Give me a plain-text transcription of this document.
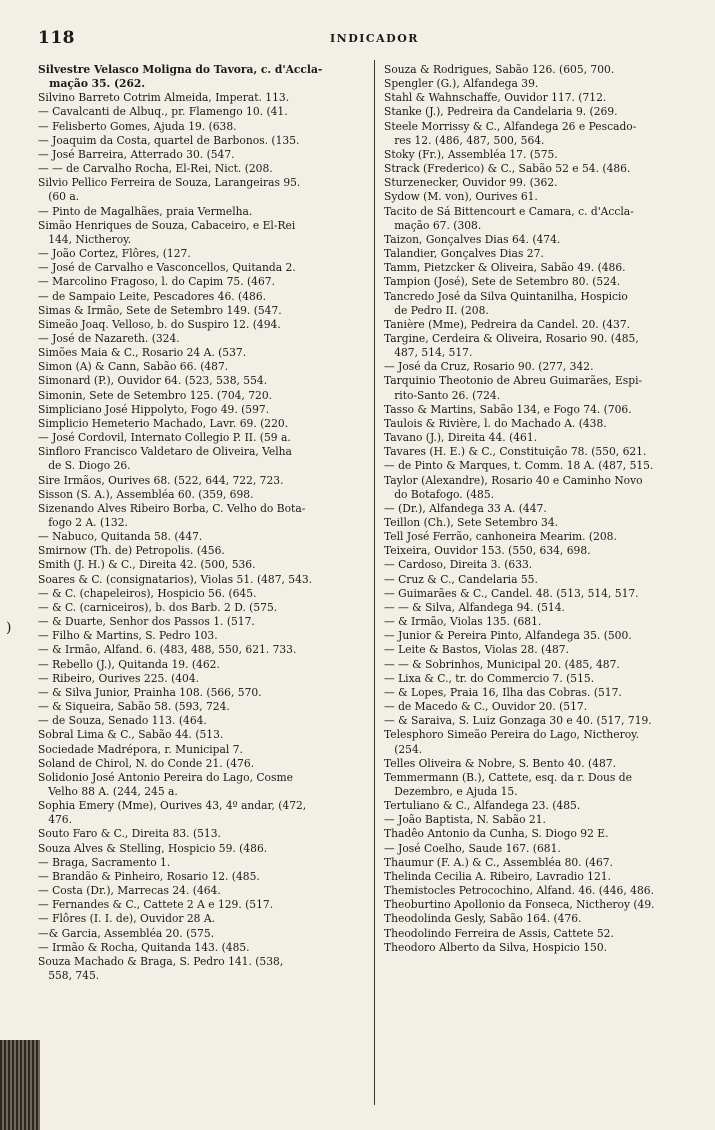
118	INDICADOR
Silvestre Velasco Moligna do Tavora, c. d'Accla-
mação 35. (262.
Silvino Barreto Cotrim Almeida, Imperat. 113.
— Cavalcanti de Albuq., pr. Flamengo 10. (41.
— Felisberto Gomes, Ajuda 19. (638.
— Joaquim da Costa, quartel de Barbonos. (135.
— José Barreira, Atterrado 30. (547.
— — de Carvalho Rocha, El-Rei, Nict. (208.
Silvio Pellico Ferreira de Souza, Larangeiras 95.
(60 a.
— Pinto de Magalhães, praia Vermelha.
Simão Henriques de Souza, Cabaceiro, e El-Rei
144, Nictheroy.
— João Cortez, Flôres, (127.
— José de Carvalho e Vasconcellos, Quitanda 2.
— Marcolino Fragoso, l. do Capim 75. (467.
— de Sampaio Leite, Pescadores 46. (486.
Simas & Irmão, Sete de Setembro 149. (547.
Simeão Joaq. Velloso, b. do Suspiro 12. (494.
— José de Nazareth. (324.
Simões Maia & C., Rosario 24 A. (537.
Simon (A) & Cann, Sabão 66. (487.
Simonard (P.), Ouvidor 64. (523, 538, 554.
Simonin, Sete de Setembro 125. (704, 720.
Simpliciano José Hippolyto, Fogo 49. (597.
Simplicio Hemeterio Machado, Lavr. 69. (220.
— José Cordovil, Internato Collegio P. II. (59 a.
Sinfloro Francisco Valdetaro de Oliveira, Velha
de S. Diogo 26.
Sire Irmãos, Ourives 68. (522, 644, 722, 723.
Sisson (S. A.), Assembléa 60. (359, 698.
Sizenando Alves Ribeiro Borba, C. Velho do Bota-
fogo 2 A. (132.
— Nabuco, Quitanda 58. (447.
Smirnow (Th. de) Petropolis. (456.
Smith (J. H.) & C., Direita 42. (500, 536.
Soares & C. (consignatarios), Violas 51. (487, 543.
— & C. (chapeleiros), Hospicio 56. (645.
— & C. (carniceiros), b. dos Barb. 2 D. (575.
— & Duarte, Senhor dos Passos 1. (517.
— Filho & Martins, S. Pedro 103.
— & Irmão, Alfand. 6. (483, 488, 550, 621. 733.
— Rebello (J.), Quitanda 19. (462.
— Ribeiro, Ourives 225. (404.
— & Silva Junior, Prainha 108. (566, 570.
— & Siqueira, Sabão 58. (593, 724.
— de Souza, Senado 113. (464.
Sobral Lima & C., Sabão 44. (513.
Sociedade Madrépora, r. Municipal 7.
Soland de Chirol, N. do Conde 21. (476.
Solidonio José Antonio Pereira do Lago, Cosme
Velho 88 A. (244, 245 a.
Sophia Emery (Mme), Ourives 43, 4º andar, (472,
476.
Souto Faro & C., Direita 83. (513.
Souza Alves & Stelling, Hospicio 59. (486.
— Braga, Sacramento 1.
— Brandão & Pinheiro, Rosario 12. (485.
— Costa (Dr.), Marrecas 24. (464.
— Fernandes & C., Cattete 2 A e 129. (517.
— Flôres (I. I. de), Ouvidor 28 A.
—& Garcia, Assembléa 20. (575.
— Irmão & Rocha, Quitanda 143. (485.
Souza Machado & Braga, S. Pedro 141. (538,
558, 745.
Souza & Rodrigues, Sabão 126. (605, 700.
Spengler (G.), Alfandega 39.
Stahl & Wahnschaffe, Ouvidor 117. (712.
Stanke (J.), Pedreira da Candelaria 9. (269.
Steele Morrissy & C., Alfandega 26 e Pescado-
res 12. (486, 487, 500, 564.
Stoky (Fr.), Assembléa 17. (575.
Strack (Frederico) & C., Sabão 52 e 54. (486.
Sturzenecker, Ouvidor 99. (362.
Sydow (M. von), Ourives 61.
Tacito de Sá Bittencourt e Camara, c. d'Accla-
mação 67. (308.
Taizon, Gonçalves Dias 64. (474.
Talandier, Gonçalves Dias 27.
Tamm, Pietzcker & Oliveira, Sabão 49. (486.
Tampion (José), Sete de Setembro 80. (524.
Tancredo José da Silva Quintanilha, Hospicio
de Pedro II. (208.
Tanière (Mme), Pedreira da Candel. 20. (437.
Targine, Cerdeira & Oliveira, Rosario 90. (485,
487, 514, 517.
— José da Cruz, Rosario 90. (277, 342.
Tarquinio Theotonio de Abreu Guimarães, Espi-
rito-Santo 26. (724.
Tasso & Martins, Sabão 134, e Fogo 74. (706.
Taulois & Rivière, l. do Machado A. (438.
Tavano (J.), Direita 44. (461.
Tavares (H. E.) & C., Constituição 78. (550, 621.
— de Pinto & Marques, t. Comm. 18 A. (487, 515.
Taylor (Alexandre), Rosario 40 e Caminho Novo
do Botafogo. (485.
— (Dr.), Alfandega 33 A. (447.
Teillon (Ch.), Sete Setembro 34.
Tell José Ferrão, canhoneira Mearim. (208.
Teixeira, Ouvidor 153. (550, 634, 698.
— Cardoso, Direita 3. (633.
— Cruz & C., Candelaria 55.
— Guimarães & C., Candel. 48. (513, 514, 517.
— — & Silva, Alfandega 94. (514.
— & Irmão, Violas 135. (681.
— Junior & Pereira Pinto, Alfandega 35. (500.
— Leite & Bastos, Violas 28. (487.
— — & Sobrinhos, Municipal 20. (485, 487.
— Lixa & C., tr. do Commercio 7. (515.
— & Lopes, Praia 16, Ilha das Cobras. (517.
— de Macedo & C., Ouvidor 20. (517.
— & Saraiva, S. Luiz Gonzaga 30 e 40. (517, 719.
Telesphoro Simeão Pereira do Lago, Nictheroy.
(254.
Telles Oliveira & Nobre, S. Bento 40. (487.
Temmermann (B.), Cattete, esq. da r. Dous de
Dezembro, e Ajuda 15.
Tertuliano & C., Alfandega 23. (485.
— João Baptista, N. Sabão 21.
Thadêo Antonio da Cunha, S. Diogo 92 E.
— José Coelho, Saude 167. (681.
Thaumur (F. A.) & C., Assembléa 80. (467.
Thelinda Cecilia A. Ribeiro, Lavradio 121.
Themistocles Petrocochino, Alfand. 46. (446, 486.
Theoburtino Apollonio da Fonseca, Nictheroy (49.
Theodolinda Gesly, Sabão 164. (476.
Theodolindo Ferreira de Assis, Cattete 52.
Theodoro Alberto da Silva, Hospicio 150.
)
